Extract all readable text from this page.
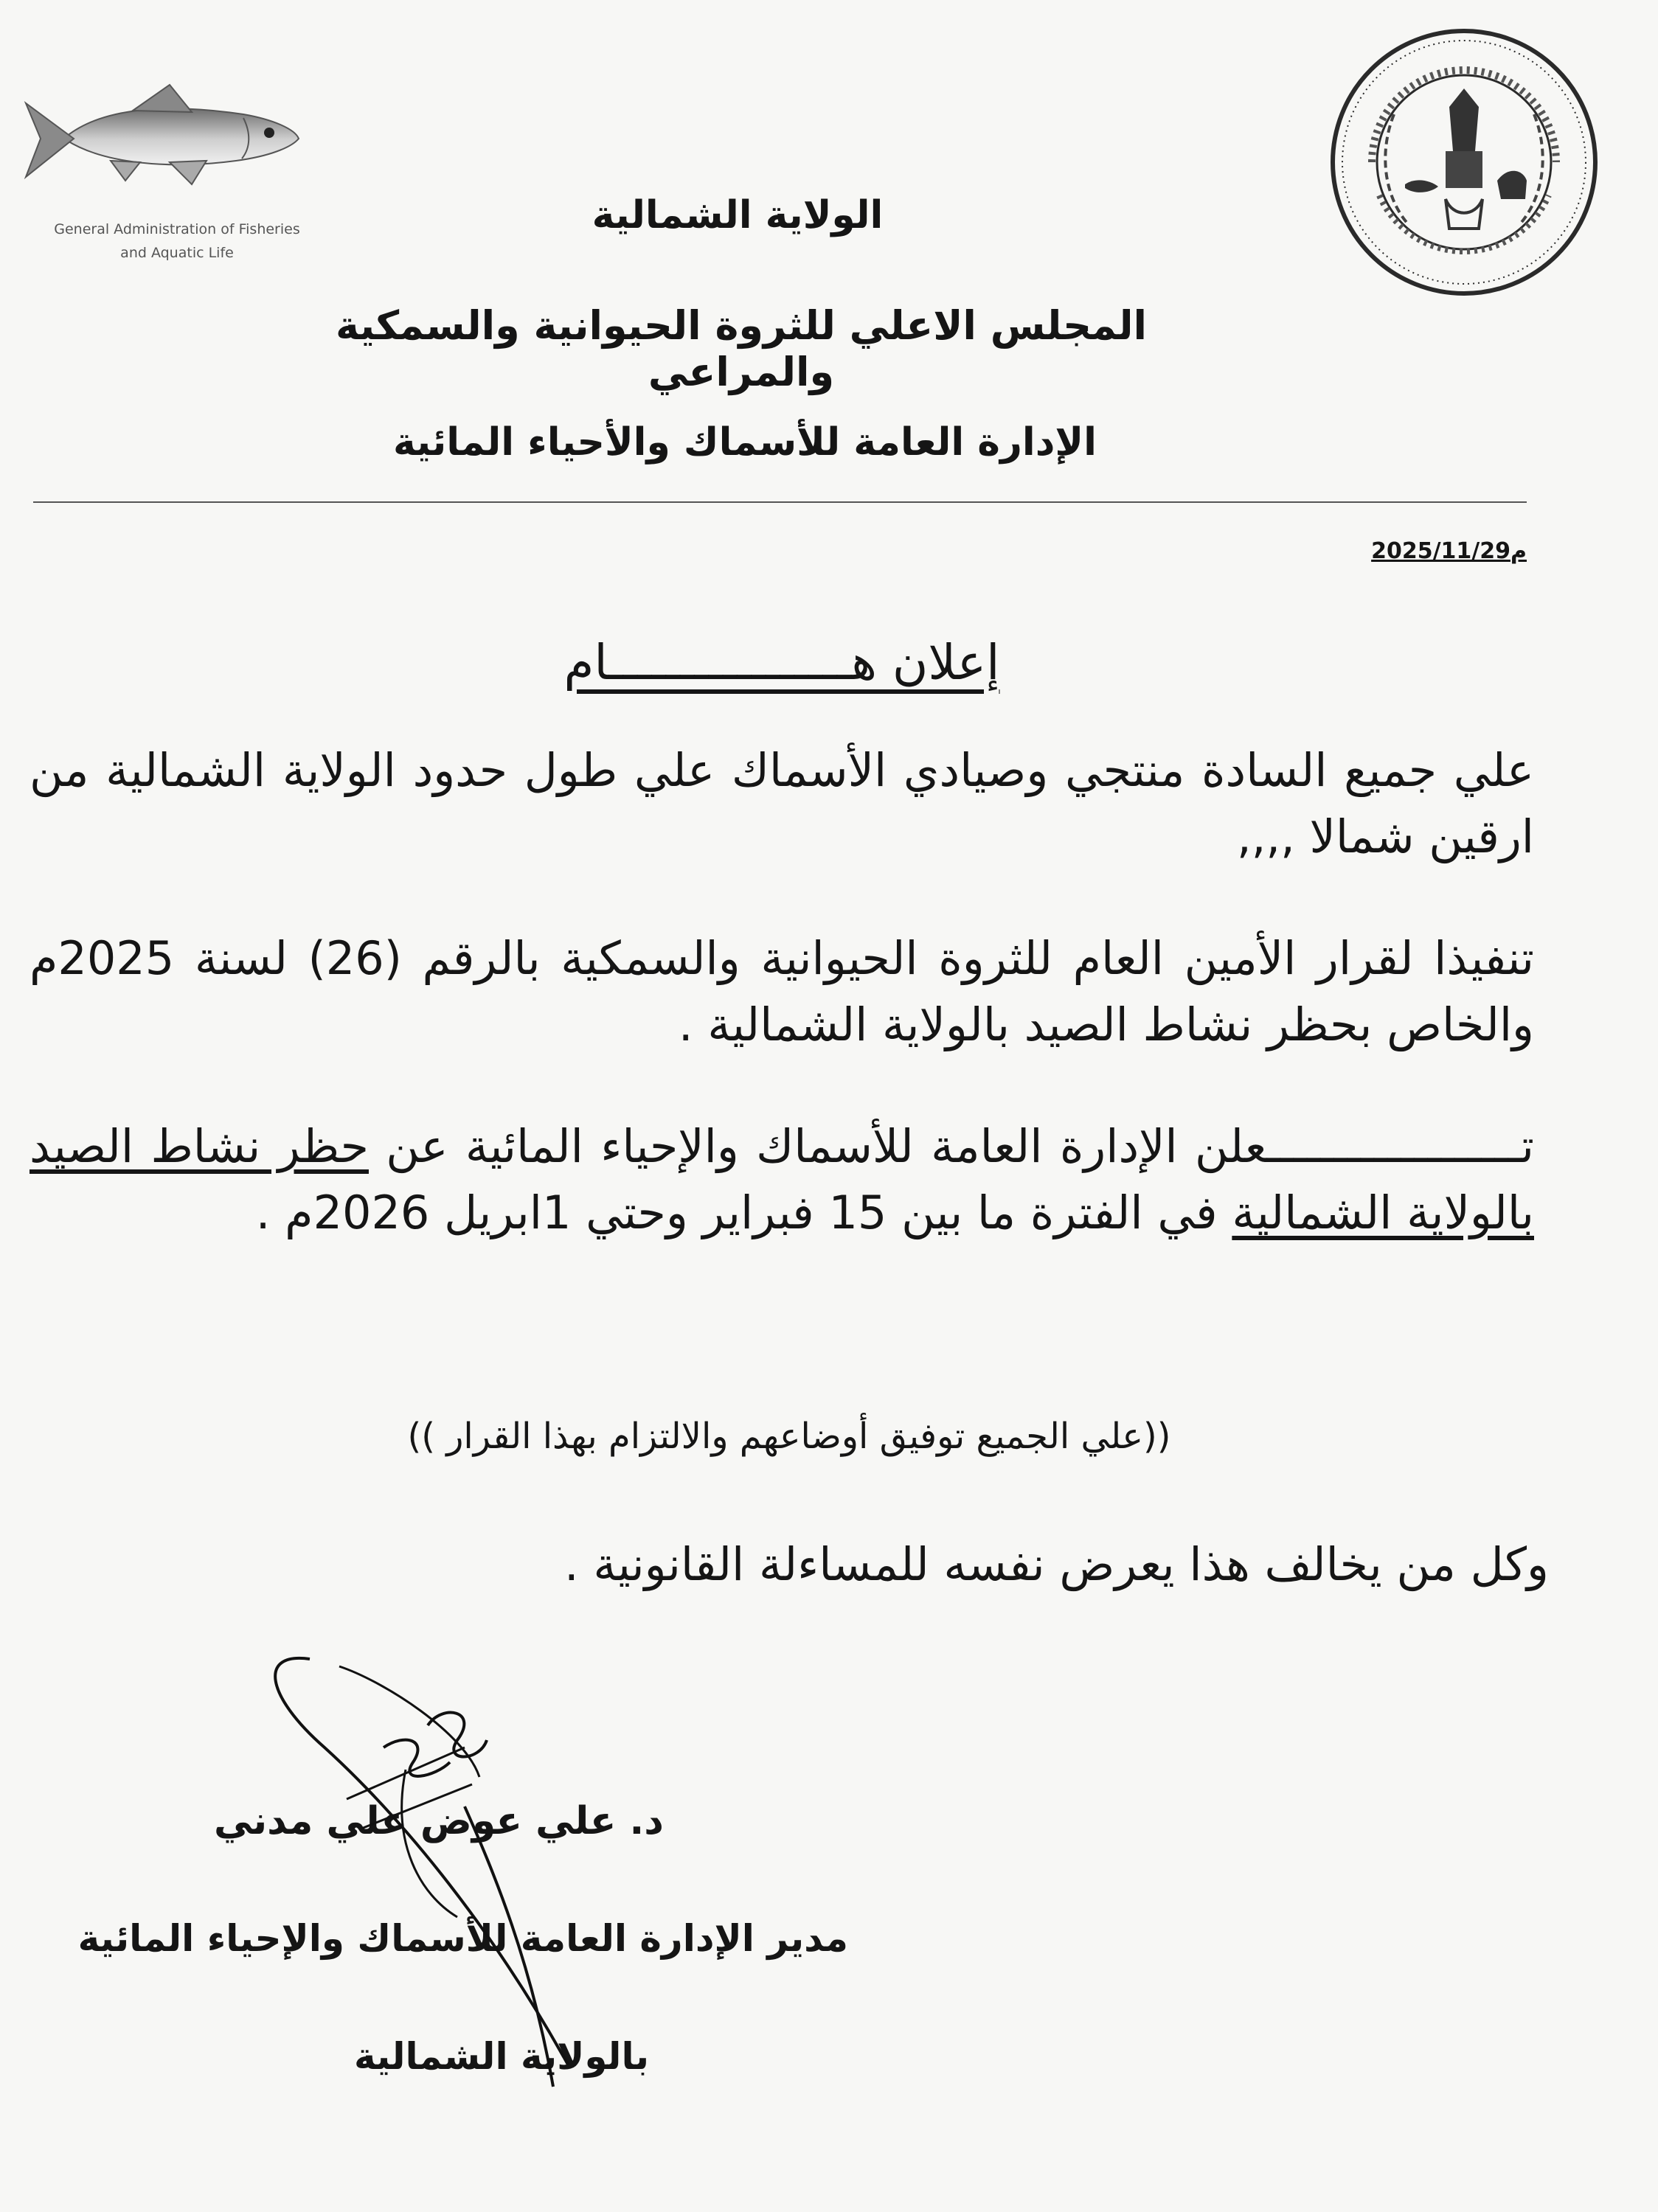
General Administration of Fisheries
and Aquatic Life
الولاية الشمالية
المجلس الاعلي للثروة الحيوانية والسمكية والمراعي
الإدارة العامة للأسماك والأحياء المائية
2025/11/29م
إعلان هـــــــــــــــــام
علي جميع السادة منتجي وصيادي الأسماك علي طول حدود الولاية الشمالية من ارقين شمالا ,,,,
تنفيذا لقرار الأمين العام للثروة الحيوانية والسمكية بالرقم (26) لسنة 2025م والخاص بحظر نشاط الصيد بالولاية الشمالية .
تـــــــــــــــــــعلن الإدارة العامة للأسماك والإحياء المائية عن حظر نشاط الصيد بالولاية الشمالية في الفترة ما بين 15 فبراير وحتي 1ابريل 2026م .
((علي الجميع توفيق أوضاعهم والالتزام بهذا القرار ))
وكل من يخالف هذا يعرض نفسه للمساءلة القانونية .
د. علي عوض علي مدني
مدير الإدارة العامة للأسماك والإحياء المائية
بالولاية الشمالية
